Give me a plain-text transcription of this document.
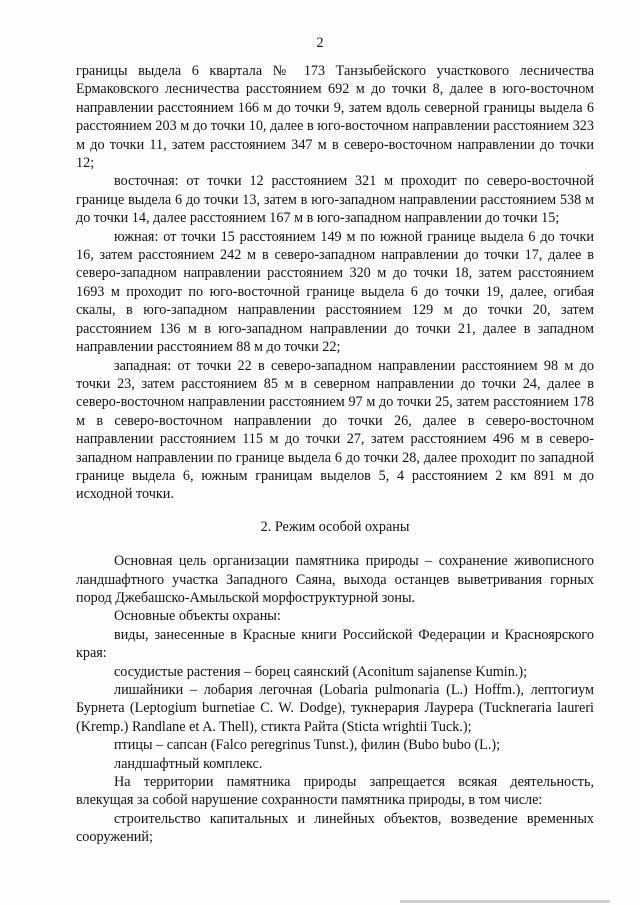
2

границы выдела 6 квартала № 173 Танзыбейского участкового лесничества Ермаковского лесничества расстоянием 692 м до точки 8, далее в юго-восточном направлении расстоянием 166 м до точки 9, затем вдоль северной границы выдела 6 расстоянием 203 м до точки 10, далее в юго-восточном направлении расстоянием 323 м до точки 11, затем расстоянием 347 м в северо-восточном направлении до точки 12;

восточная: от точки 12 расстоянием 321 м проходит по северо-восточной границе выдела 6 до точки 13, затем в юго-западном направлении расстоянием 538 м до точки 14, далее расстоянием 167 м в юго-западном направлении до точки 15;

южная: от точки 15 расстоянием 149 м по южной границе выдела 6 до точки 16, затем расстоянием 242 м в северо-западном направлении до точки 17, далее в северо-западном направлении расстоянием 320 м до точки 18, затем расстоянием 1693 м проходит по юго-восточной границе выдела 6 до точки 19, далее, огибая скалы, в юго-западном направлении расстоянием 129 м до точки 20, затем расстоянием 136 м в юго-западном направлении до точки 21, далее в западном направлении расстоянием 88 м до точки 22;

западная: от точки 22 в северо-западном направлении расстоянием 98 м до точки 23, затем расстоянием 85 м в северном направлении до точки 24, далее в северо-восточном направлении расстоянием 97 м до точки 25, затем расстоянием 178 м в северо-восточном направлении до точки 26, далее в северо-восточном направлении расстоянием 115 м до точки 27, затем расстоянием 496 м в северо-западном направлении по границе выдела 6 до точки 28, далее проходит по западной границе выдела 6, южным границам выделов 5, 4 расстоянием 2 км 891 м до исходной точки.

2. Режим особой охраны

Основная цель организации памятника природы – сохранение живописного ландшафтного участка Западного Саяна, выхода останцев выветривания горных пород Джебашско-Амыльской морфоструктурной зоны.

Основные объекты охраны:

виды, занесенные в Красные книги Российской Федерации и Красноярского края:

сосудистые растения – борец саянский (Aconitum sajanense Kumin.);

лишайники – лобария легочная (Lobaria pulmonaria (L.) Hoffm.), лептогиум Бурнета (Leptogium burnetiae C. W. Dodge), тукнерария Лаурера (Tuckneraria laureri (Kremp.) Randlane et A. Thell), стикта Райта (Sticta wrightii Tuck.);

птицы – сапсан (Falco peregrinus Tunst.), филин (Bubo bubo (L.);

ландшафтный комплекс.

На территории памятника природы запрещается всякая деятельность, влекущая за собой нарушение сохранности памятника природы, в том числе:

строительство капитальных и линейных объектов, возведение временных сооружений;
